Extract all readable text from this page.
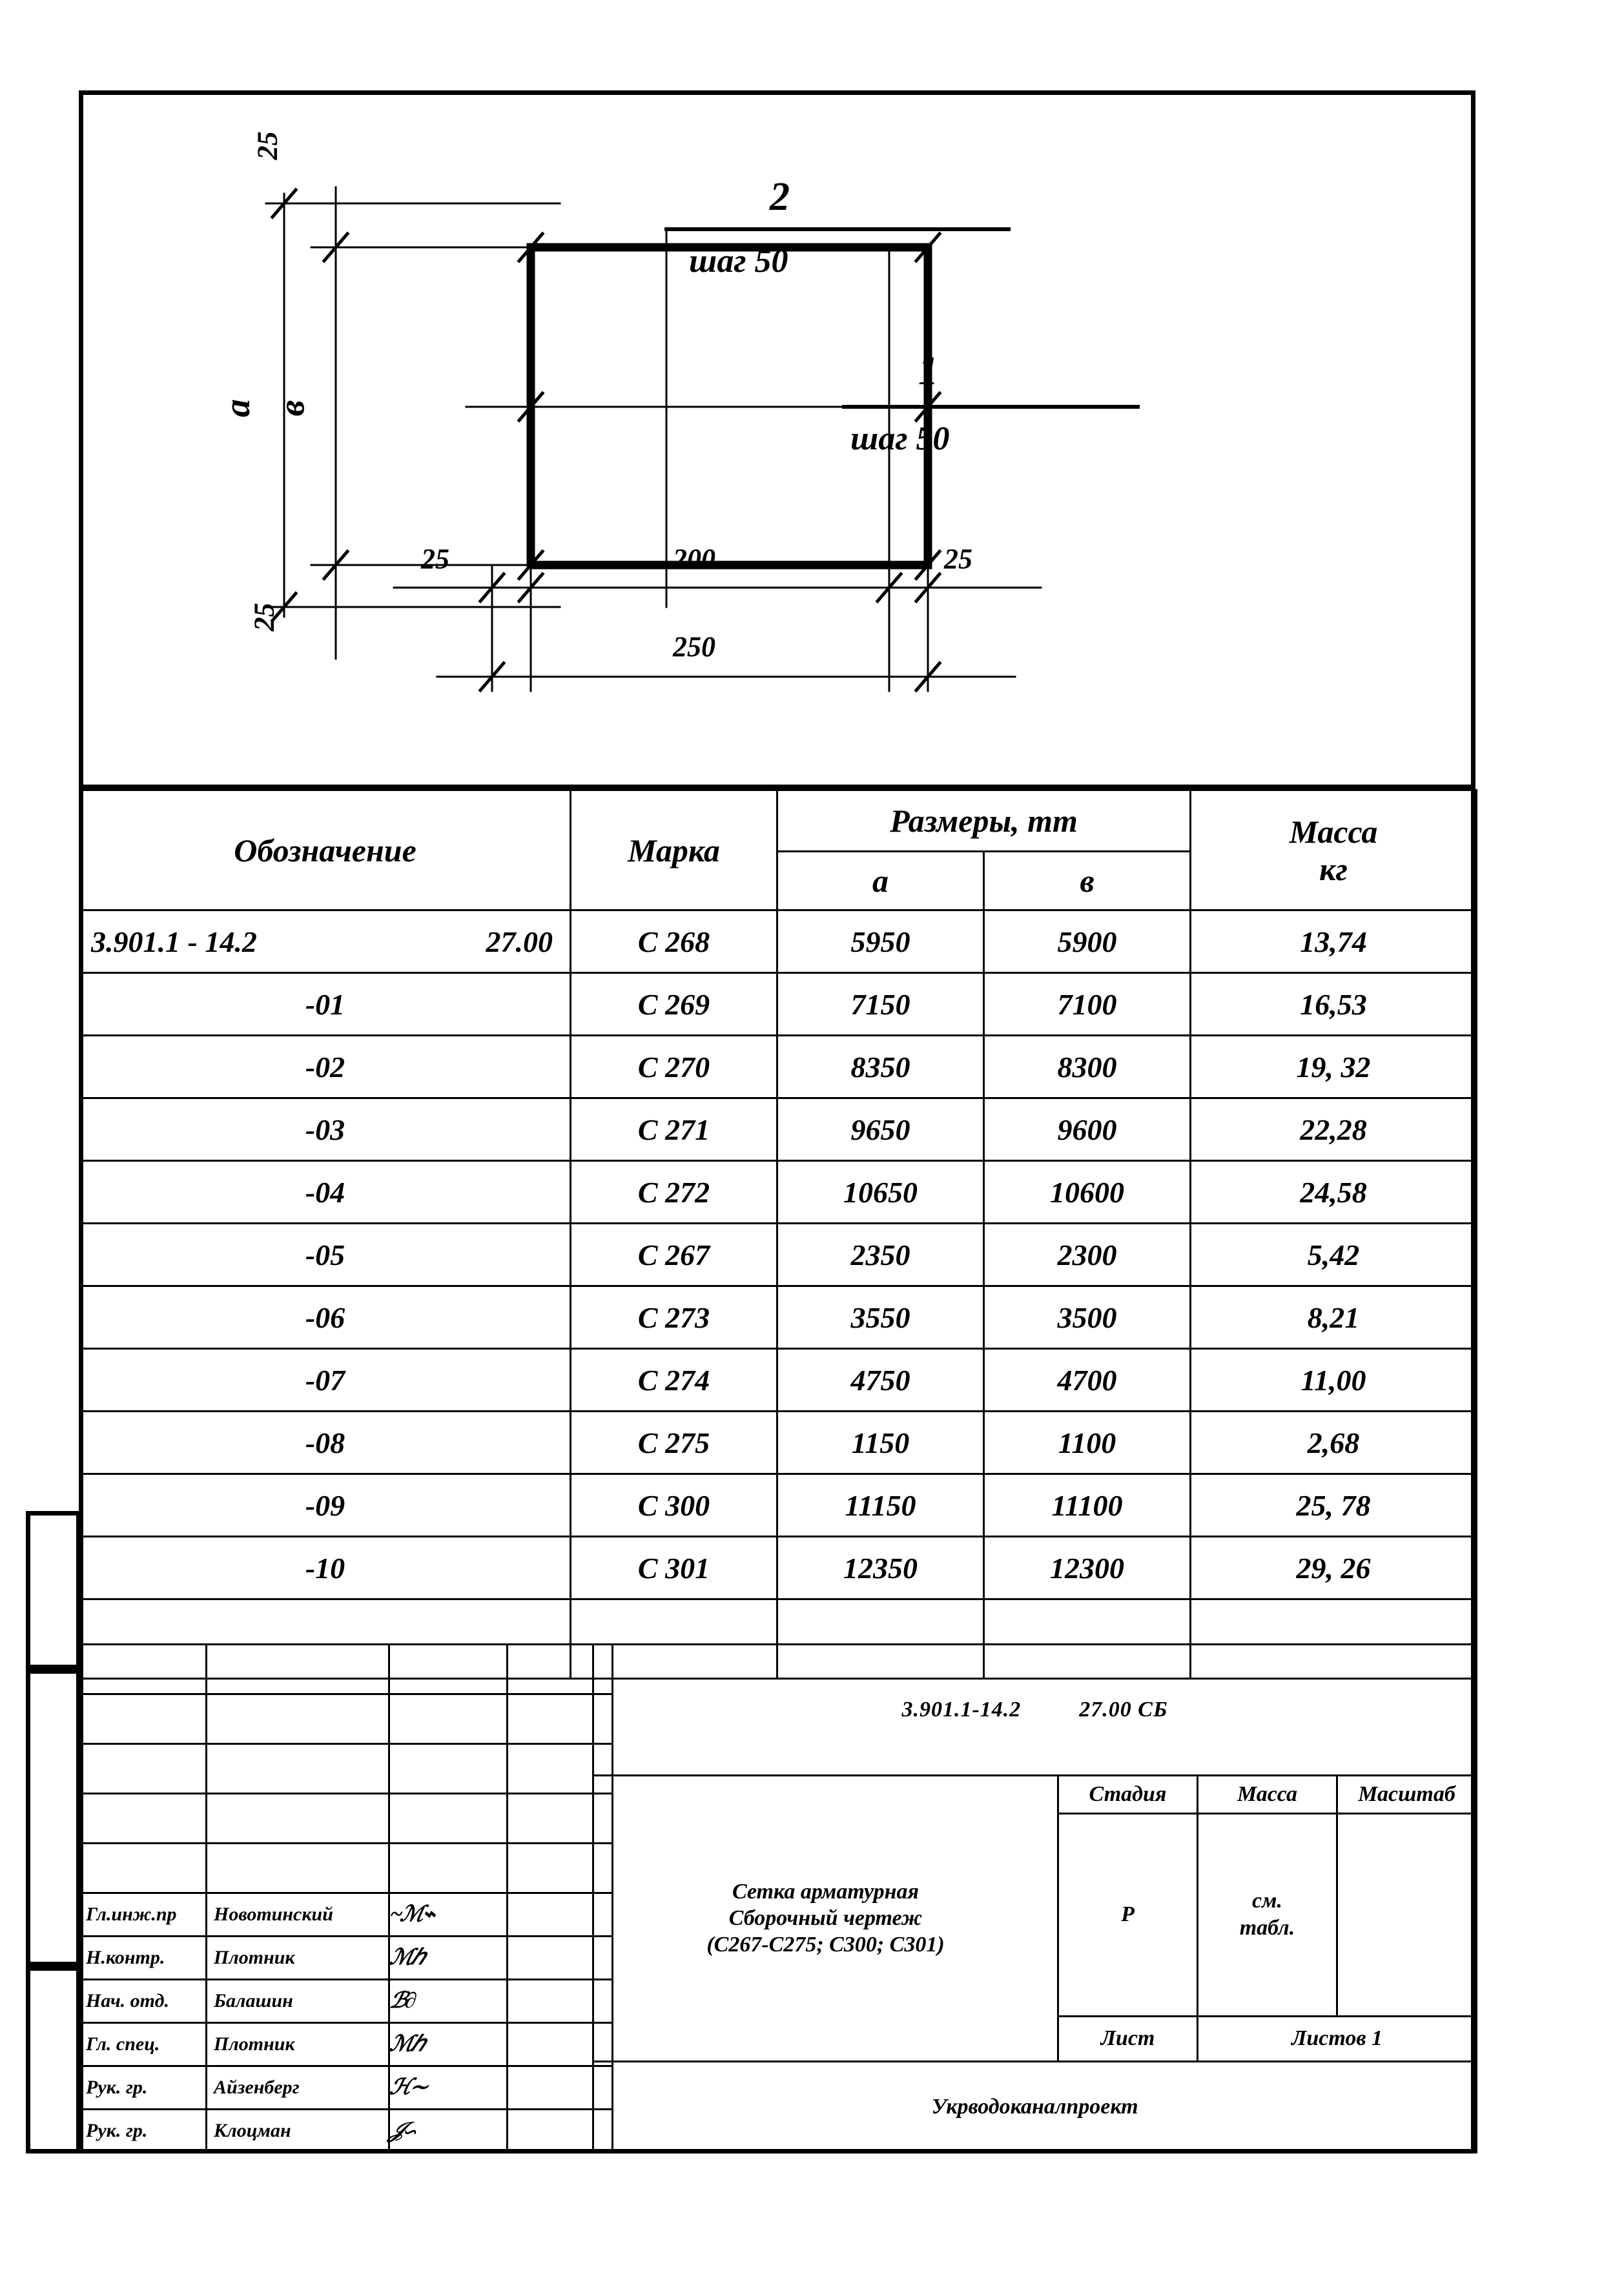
25
25
а в
25	200	25
250
2
шаг 50
1
шаг 50
Обозначение	Марка	Размеры, mm		Масса
кг

		а	в	

3.901.1 - 14.2 27.00	С 268	5950	5900	13,74
-01	С 269	7150	7100	16,53
-02	С 270	8350	8300	19, 32
-03	С 271	9650	9600	22,28
-04	С 272	10650	10600	24,58
-05	С 267	2350	2300	5,42
-06	С 273	3550	3500	8,21
-07	С 274	4750	4700	11,00
-08	С 275	1150	1100	2,68
-09	С 300	11150	11100	25, 78
-10	С 301	12350	12300	29, 26

Гл.инж.пр	Новотинский	~ℳ⌁	

Н.контр.	Плотник	ℳℎ	

Нач. отд.	Балашин	ℬ∂	

Гл. спец.	Плотник	ℳℎ	

Рук. гр.	Айзенберг	ℋ∼	

Рук. гр.	Клоцман	𝒥∽	

3.901.1-14.2 27.00 СБ			

Сетка арматурная
Сборочный чертеж
(С267-С275; С300; С301)	Стадия	Масса	Масштаб
	Р	см.
табл.	

	Лист	Листов 1	
Укрводоканалпроект			
